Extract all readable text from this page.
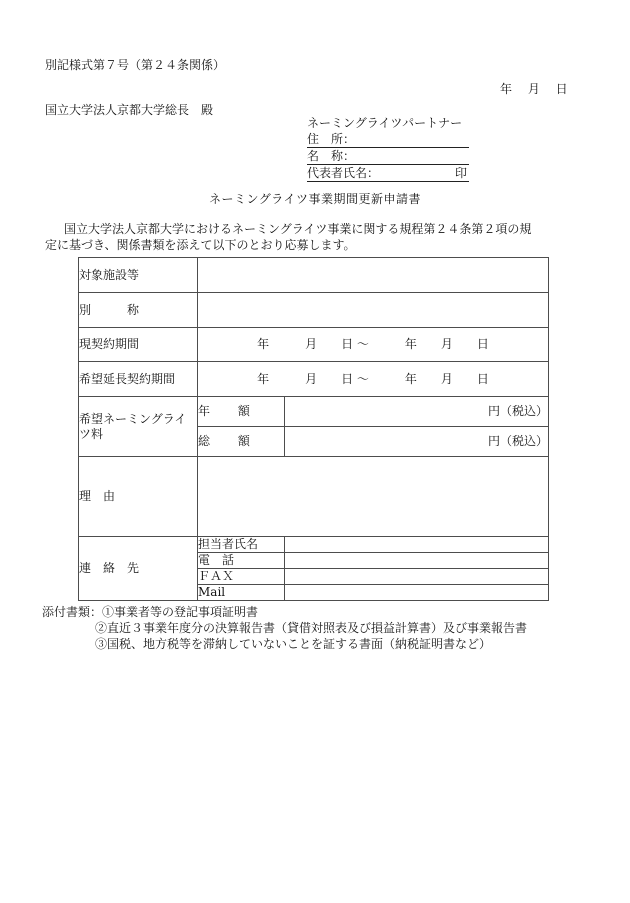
別記様式第７号（第２４条関係）
年　 月　 日
国立大学法人京都大学総長　殿
ネーミングライツパートナー
住　所：
名　称：
代表者氏名：	印
ネーミングライツ事業期間更新申請書
国立大学法人京都大学におけるネーミングライツ事業に関する規程第２４条第２項の規定に基づき、関係書類を添えて以下のとおり応募します。
対象施設等		
別　　　称		
現契約期間	年　　　月　　日 ～　　　年　　月　　日	
希望延長契約期間	年　　　月　　日 ～　　　年　　月　　日	
希望ネーミングライツ料	年　　 額	円（税込）
	総　　 額	円（税込）
理　由		
連　絡　先	担当者氏名	
	電　話	
	ＦＡＸ	
	Mail	
添付書類：①事業者等の登記事項証明書
②直近３事業年度分の決算報告書（貸借対照表及び損益計算書）及び事業報告書
③国税、地方税等を滞納していないことを証する書面（納税証明書など）
